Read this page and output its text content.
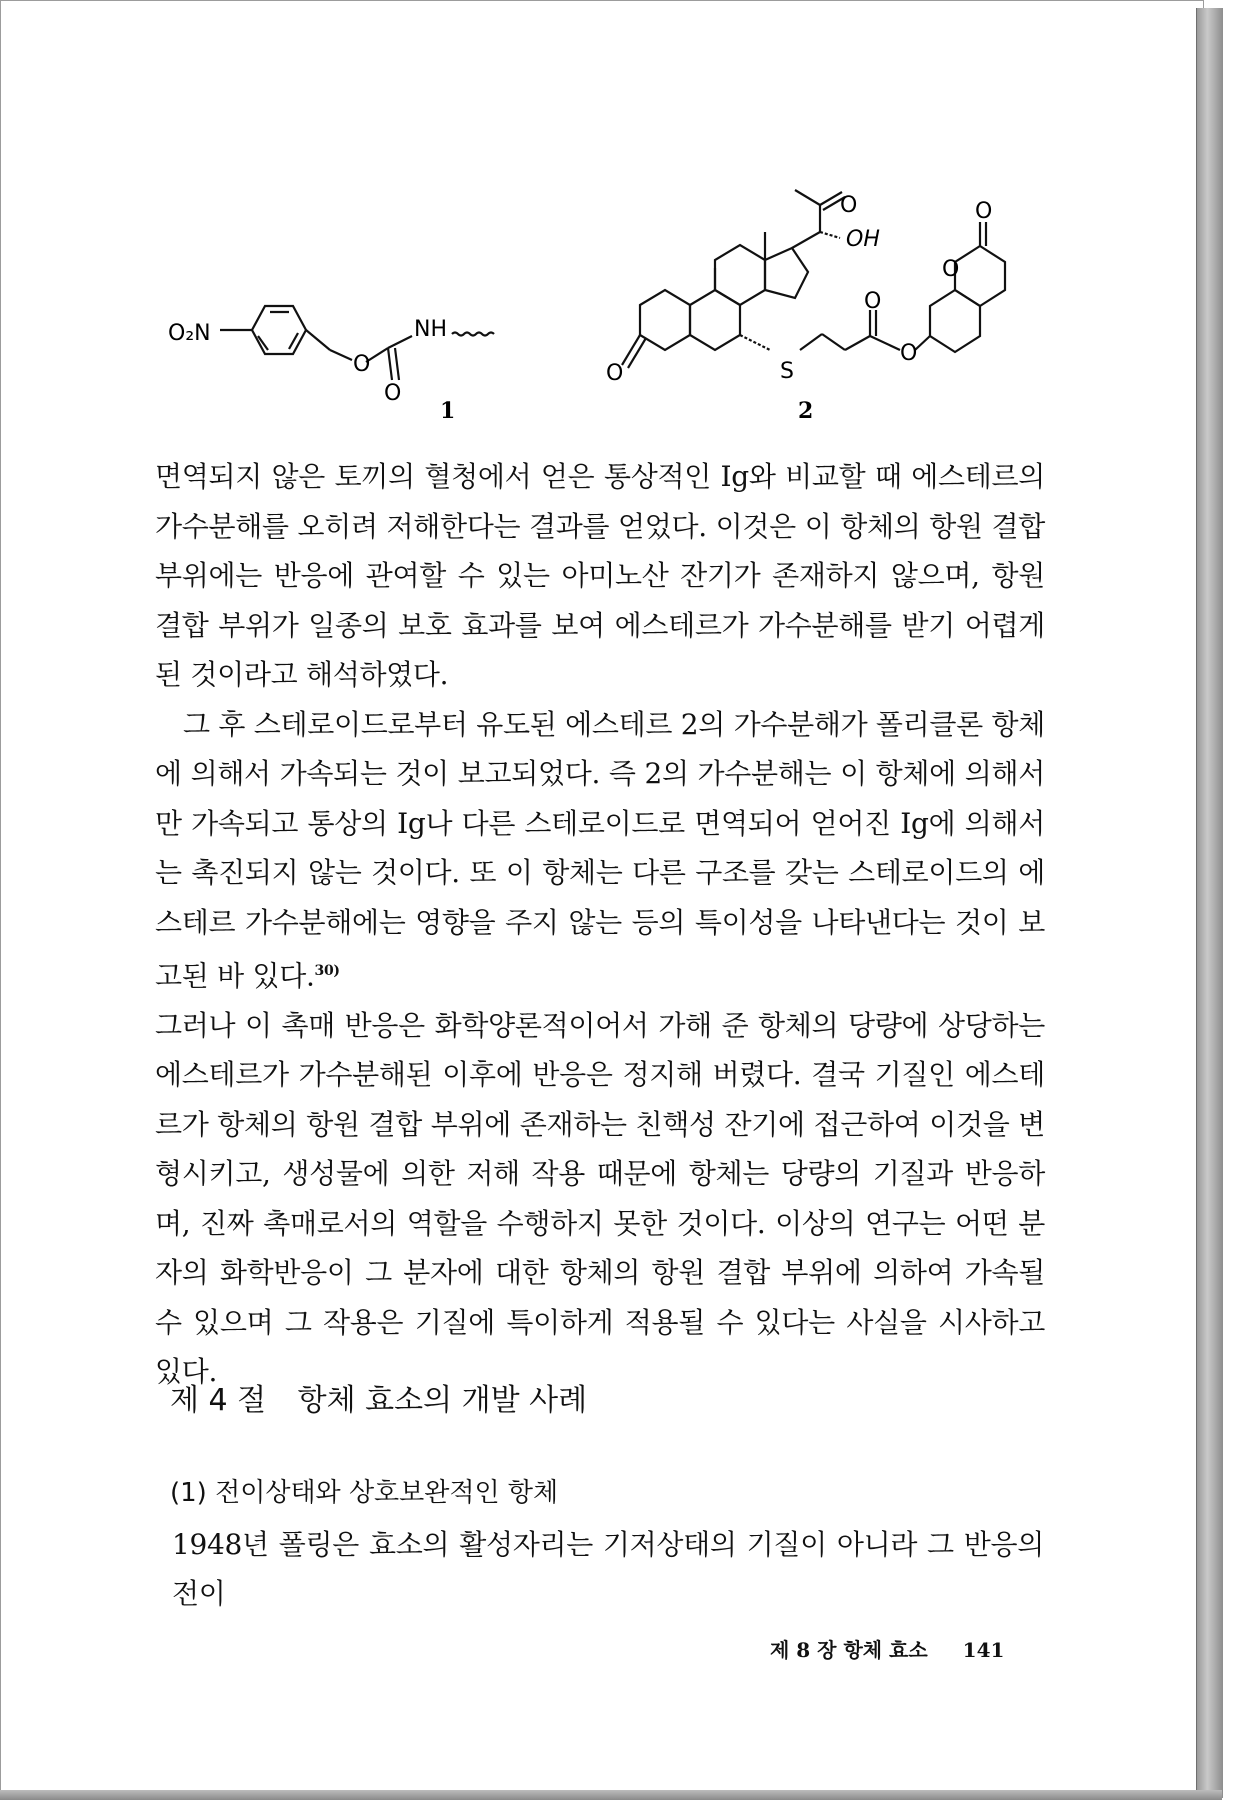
O₂N	NH
O
O
1
O
OH
O	S
O
O
O
O
2

면역되지 않은 토끼의 혈청에서 얻은 통상적인 Ig와 비교할 때 에스테르의 가수분해를 오히려 저해한다는 결과를 얻었다. 이것은 이 항체의 항원 결합 부위에는 반응에 관여할 수 있는 아미노산 잔기가 존재하지 않으며, 항원 결합 부위가 일종의 보호 효과를 보여 에스테르가 가수분해를 받기 어렵게 된 것이라고 해석하였다.

그 후 스테로이드로부터 유도된 에스테르 2의 가수분해가 폴리클론 항체에 의해서 가속되는 것이 보고되었다. 즉 2의 가수분해는 이 항체에 의해서만 가속되고 통상의 Ig나 다른 스테로이드로 면역되어 얻어진 Ig에 의해서는 촉진되지 않는 것이다. 또 이 항체는 다른 구조를 갖는 스테로이드의 에스테르 가수분해에는 영향을 주지 않는 등의 특이성을 나타낸다는 것이 보고된 바 있다.$^{30)}$

그러나 이 촉매 반응은 화학양론적이어서 가해 준 항체의 당량에 상당하는 에스테르가 가수분해된 이후에 반응은 정지해 버렸다. 결국 기질인 에스테르가 항체의 항원 결합 부위에 존재하는 친핵성 잔기에 접근하여 이것을 변형시키고, 생성물에 의한 저해 작용 때문에 항체는 당량의 기질과 반응하며, 진짜 촉매로서의 역할을 수행하지 못한 것이다. 이상의 연구는 어떤 분자의 화학반응이 그 분자에 대한 항체의 항원 결합 부위에 의하여 가속될 수 있으며 그 작용은 기질에 특이하게 적용될 수 있다는 사실을 시사하고 있다.

제 4 절 항체 효소의 개발 사례
(1) 전이상태와 상호보완적인 항체
1948년 폴링은 효소의 활성자리는 기저상태의 기질이 아니라 그 반응의 전이
제 8 장 항체 효소 141
